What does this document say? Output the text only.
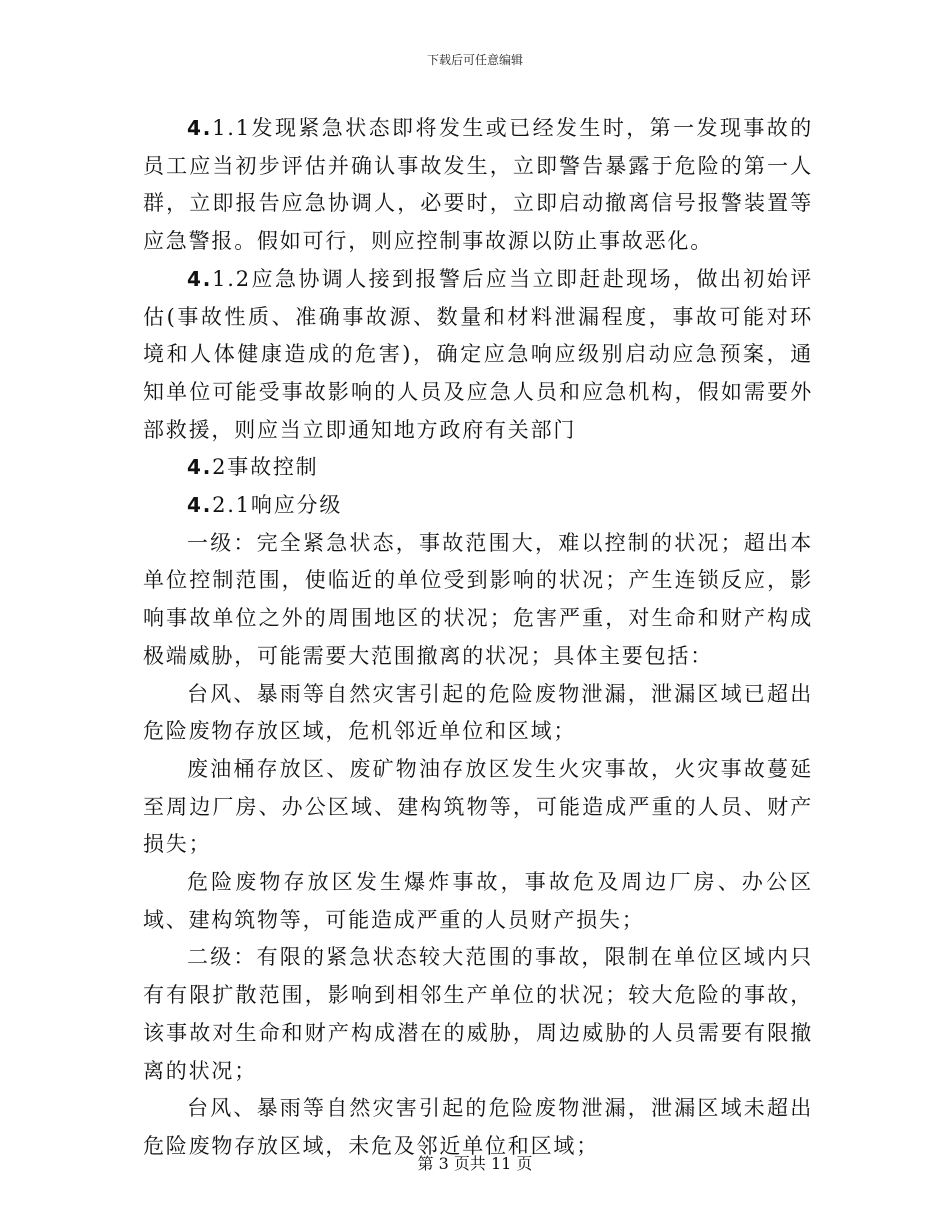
下载后可任意编辑

4.1.1发现紧急状态即将发生或已经发生时，第一发现事故的员工应当初步评估并确认事故发生，立即警告暴露于危险的第一人群，立即报告应急协调人，必要时，立即启动撤离信号报警装置等应急警报。假如可行，则应控制事故源以防止事故恶化。

4.1.2应急协调人接到报警后应当立即赶赴现场，做出初始评估(事故性质、准确事故源、数量和材料泄漏程度，事故可能对环境和人体健康造成的危害)，确定应急响应级别启动应急预案，通知单位可能受事故影响的人员及应急人员和应急机构，假如需要外部救援，则应当立即通知地方政府有关部门

4.2事故控制

4.2.1响应分级

一级：完全紧急状态，事故范围大，难以控制的状况；超出本单位控制范围，使临近的单位受到影响的状况；产生连锁反应，影响事故单位之外的周围地区的状况；危害严重，对生命和财产构成极端威胁，可能需要大范围撤离的状况；具体主要包括：

台风、暴雨等自然灾害引起的危险废物泄漏，泄漏区域已超出危险废物存放区域，危机邻近单位和区域；

废油桶存放区、废矿物油存放区发生火灾事故，火灾事故蔓延至周边厂房、办公区域、建构筑物等，可能造成严重的人员、财产损失；

危险废物存放区发生爆炸事故，事故危及周边厂房、办公区域、建构筑物等，可能造成严重的人员财产损失；

二级：有限的紧急状态较大范围的事故，限制在单位区域内只有有限扩散范围，影响到相邻生产单位的状况；较大危险的事故，该事故对生命和财产构成潜在的威胁，周边威胁的人员需要有限撤离的状况；

台风、暴雨等自然灾害引起的危险废物泄漏，泄漏区域未超出危险废物存放区域，未危及邻近单位和区域；

第 3 页共 11 页
